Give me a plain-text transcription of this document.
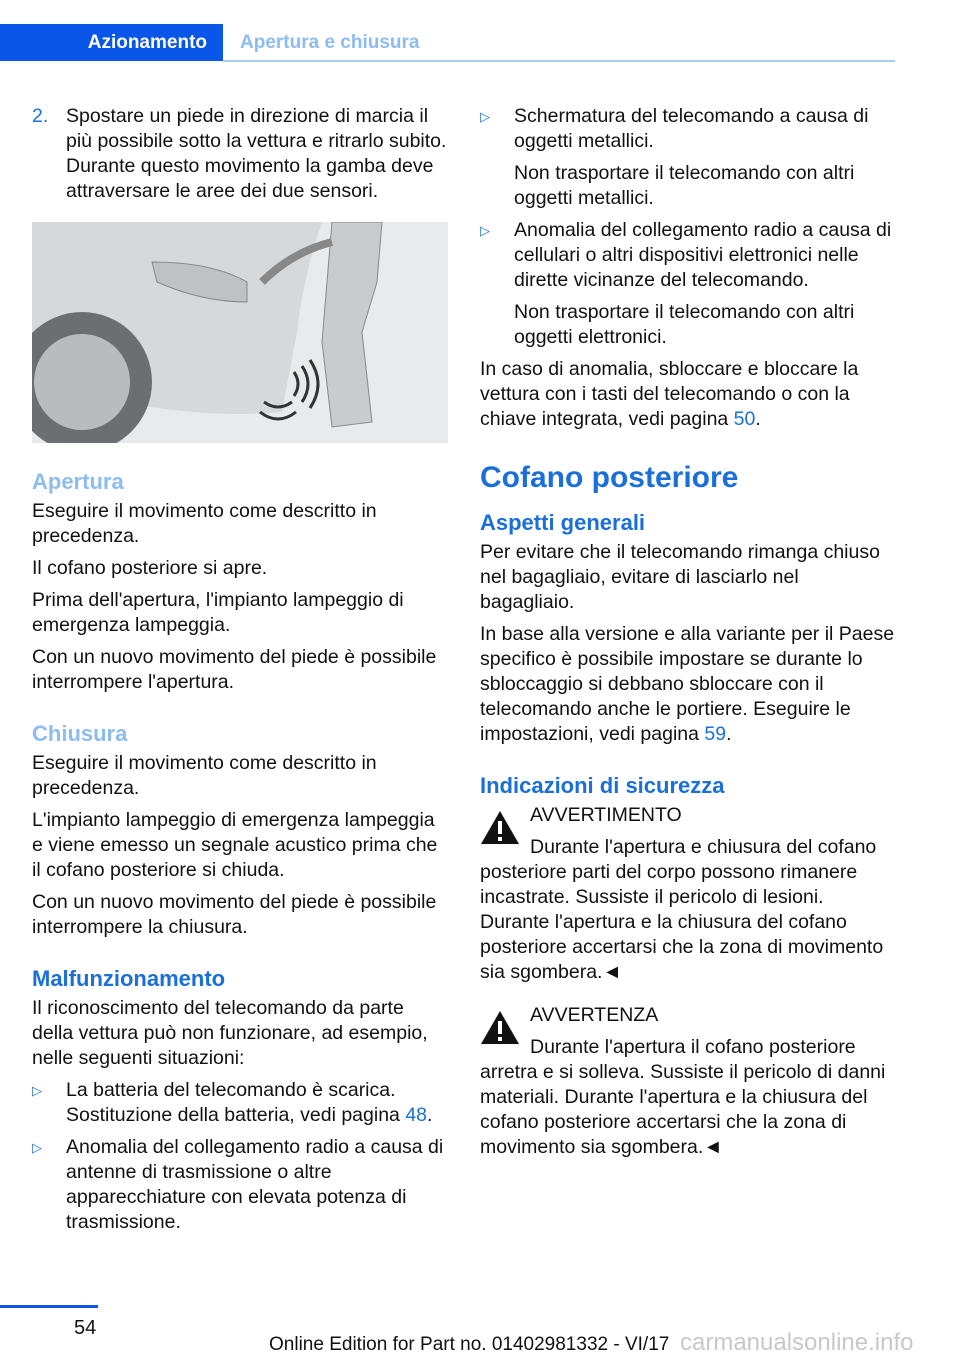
Azionamento	Apertura e chiusura
2. Spostare un piede in direzione di marcia il più possibile sotto la vettura e ritrarlo subito. Durante questo movimento la gamba deve attraversare le aree dei due sensori.
Apertura

Eseguire il movimento come descritto in precedenza.

Il cofano posteriore si apre.

Prima dell'apertura, l'impianto lampeggio di emergenza lampeggia.

Con un nuovo movimento del piede è possibile interrompere l'apertura.

Chiusura

Eseguire il movimento come descritto in precedenza.

L'impianto lampeggio di emergenza lampeggia e viene emesso un segnale acustico prima che il cofano posteriore si chiuda.

Con un nuovo movimento del piede è possibile interrompere la chiusura.

Malfunzionamento

Il riconoscimento del telecomando da parte della vettura può non funzionare, ad esempio, nelle seguenti situazioni:

▷	La batteria del telecomando è scarica. Sostituzione della batteria, vedi pagina 48.

▷	Anomalia del collegamento radio a causa di antenne di trasmissione o altre apparecchiature con elevata potenza di trasmissione.

▷	Schermatura del telecomando a causa di oggetti metallici.

Non trasportare il telecomando con altri oggetti metallici.

▷	Anomalia del collegamento radio a causa di cellulari o altri dispositivi elettronici nelle dirette vicinanze del telecomando.

Non trasportare il telecomando con altri oggetti elettronici.

In caso di anomalia, sbloccare e bloccare la vettura con i tasti del telecomando o con la chiave integrata, vedi pagina 50.

Cofano posteriore
Aspetti generali

Per evitare che il telecomando rimanga chiuso nel bagagliaio, evitare di lasciarlo nel bagagliaio.

In base alla versione e alla variante per il Paese specifico è possibile impostare se durante lo sbloccaggio si debbano sbloccare con il telecomando anche le portiere. Eseguire le impostazioni, vedi pagina 59.

Indicazioni di sicurezza

AVVERTIMENTO

Durante l'apertura e chiusura del cofano posteriore parti del corpo possono rimanere incastrate. Sussiste il pericolo di lesioni. Durante l'apertura e la chiusura del cofano posteriore accertarsi che la zona di movimento sia sgombera.◄

AVVERTENZA

Durante l'apertura il cofano posteriore arretra e si solleva. Sussiste il pericolo di danni materiali. Durante l'apertura e la chiusura del cofano posteriore accertarsi che la zona di movimento sia sgombera.◄

54
Online Edition for Part no. 01402981332 - VI/17 carmanualsonline.info
